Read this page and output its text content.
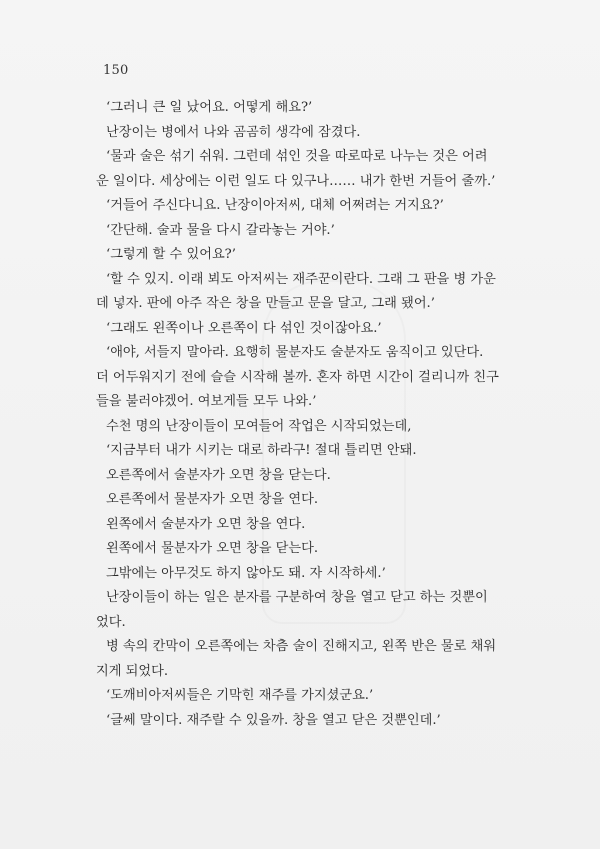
150
‘그러니 큰 일 났어요. 어떻게 해요?’
난장이는 병에서 나와 곰곰히 생각에 잠겼다.
‘물과 술은 섞기 쉬워. 그런데 섞인 것을 따로따로 나누는 것은 어려
운 일이다. 세상에는 이런 일도 다 있구나…… 내가 한번 거들어 줄까.’
‘거들어 주신다니요. 난장이아저씨, 대체 어쩌려는 거지요?’
‘간단해. 술과 물을 다시 갈라놓는 거야.’
‘그렇게 할 수 있어요?’
‘할 수 있지. 이래 뵈도 아저씨는 재주꾼이란다. 그래 그 판을 병 가운
데 넣자. 판에 아주 작은 창을 만들고 문을 달고, 그래 됐어.’
‘그래도 왼쪽이나 오른쪽이 다 섞인 것이잖아요.’
‘애야, 서들지 말아라. 요행히 물분자도 술분자도 움직이고 있단다.
더 어두워지기 전에 슬슬 시작해 볼까. 혼자 하면 시간이 걸리니까 친구
들을 불러야겠어. 여보게들 모두 나와.’
수천 명의 난장이들이 모여들어 작업은 시작되었는데,
‘지금부터 내가 시키는 대로 하라구! 절대 틀리면 안돼.
오른쪽에서 술분자가 오면 창을 닫는다.
오른쪽에서 물분자가 오면 창을 연다.
왼쪽에서 술분자가 오면 창을 연다.
왼쪽에서 물분자가 오면 창을 닫는다.
그밖에는 아무것도 하지 않아도 돼. 자 시작하세.’
난장이들이 하는 일은 분자를 구분하여 창을 열고 닫고 하는 것뿐이
었다.
병 속의 칸막이 오른쪽에는 차츰 술이 진해지고, 왼쪽 반은 물로 채워
지게 되었다.
‘도깨비아저씨들은 기막힌 재주를 가지셨군요.’
‘글쎄 말이다. 재주랄 수 있을까. 창을 열고 닫은 것뿐인데.’
